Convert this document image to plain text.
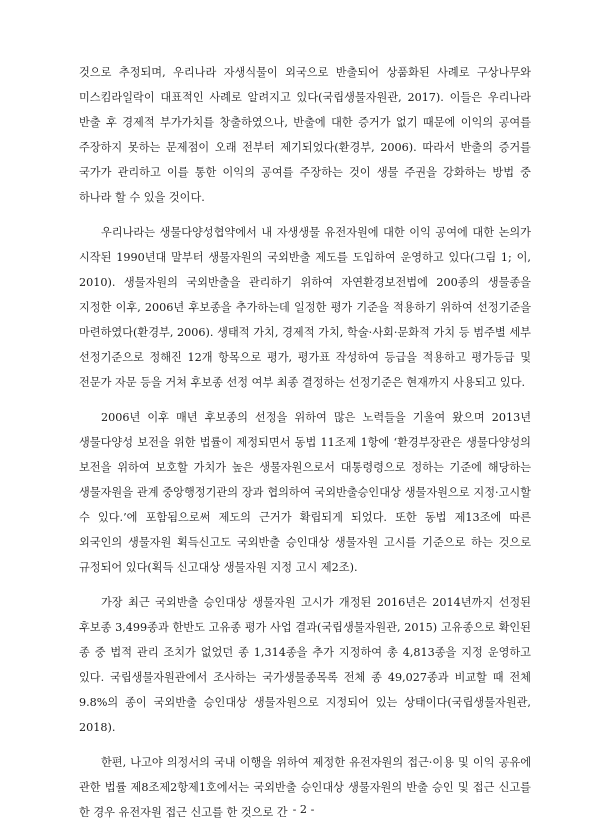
것으로 추정되며, 우리나라 자생식물이 외국으로 반출되어 상품화된 사례로 구상나무와 미스킴라일락이 대표적인 사례로 알려지고 있다(국립생물자원관, 2017). 이들은 우리나라 반출 후 경제적 부가가치를 창출하였으나, 반출에 대한 증거가 없기 때문에 이익의 공여를 주장하지 못하는 문제점이 오래 전부터 제기되었다(환경부, 2006). 따라서 반출의 증거를 국가가 관리하고 이를 통한 이익의 공여를 주장하는 것이 생물 주권을 강화하는 방법 중 하나라 할 수 있을 것이다.

우리나라는 생물다양성협약에서 내 자생생물 유전자원에 대한 이익 공여에 대한 논의가 시작된 1990년대 말부터 생물자원의 국외반출 제도를 도입하여 운영하고 있다(그림 1; 이, 2010). 생물자원의 국외반출을 관리하기 위하여 자연환경보전법에 200종의 생물종을 지정한 이후, 2006년 후보종을 추가하는데 일정한 평가 기준을 적용하기 위하여 선정기준을 마련하였다(환경부, 2006). 생태적 가치, 경제적 가치, 학술·사회·문화적 가치 등 범주별 세부 선정기준으로 정해진 12개 항목으로 평가, 평가표 작성하여 등급을 적용하고 평가등급 및 전문가 자문 등을 거쳐 후보종 선정 여부 최종 결정하는 선정기준은 현재까지 사용되고 있다.

2006년 이후 매년 후보종의 선정을 위하여 많은 노력들을 기울여 왔으며 2013년 생물다양성 보전을 위한 법률이 제정되면서 동법 11조제 1항에 ‘환경부장관은 생물다양성의 보전을 위하여 보호할 가치가 높은 생물자원으로서 대통령령으로 정하는 기준에 해당하는 생물자원을 관계 중앙행정기관의 장과 협의하여 국외반출승인대상 생물자원으로 지정·고시할 수 있다.’에 포함됨으로써 제도의 근거가 확립되게 되었다. 또한 동법 제13조에 따른 외국인의 생물자원 획득신고도 국외반출 승인대상 생물자원 고시를 기준으로 하는 것으로 규정되어 있다(획득 신고대상 생물자원 지정 고시 제2조).

가장 최근 국외반출 승인대상 생물자원 고시가 개정된 2016년은 2014년까지 선정된 후보종 3,499종과 한반도 고유종 평가 사업 결과(국립생물자원관, 2015) 고유종으로 확인된 종 중 법적 관리 조치가 없었던 종 1,314종을 추가 지정하여 총 4,813종을 지정 운영하고 있다. 국립생물자원관에서 조사하는 국가생물종목록 전체 종 49,027종과 비교할 때 전체 9.8%의 종이 국외반출 승인대상 생물자원으로 지정되어 있는 상태이다(국립생물자원관, 2018).

한편, 나고야 의정서의 국내 이행을 위하여 제정한 유전자원의 접근·이용 및 이익 공유에 관한 법률 제8조제2항제1호에서는 국외반출 승인대상 생물자원의 반출 승인 및 접근 신고를 한 경우 유전자원 접근 신고를 한 것으로 간 - 2 -
